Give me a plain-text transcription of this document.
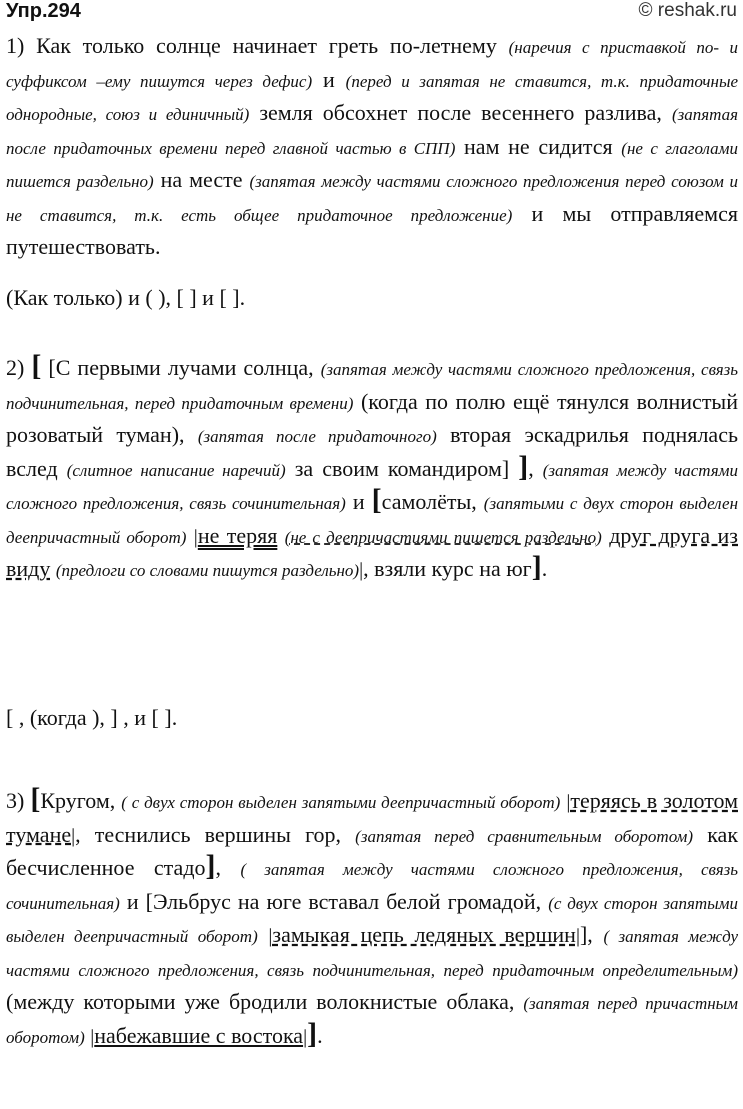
Упр.294	© reshak.ru
1) Как только солнце начинает греть по-летнему (наречия с приставкой по- и суффиксом –ему пишутся через дефис) и (перед и запятая не ставится, т.к. придаточные однородные, союз и единичный) земля обсохнет после весеннего разлива, (запятая после придаточных времени перед главной частью в СПП) нам не сидится (не с глаголами пишется раздельно) на месте (запятая между частями сложного предложения перед союзом и не ставится, т.к. есть общее придаточное предложение) и мы отправляемся путешествовать.
(Как только) и ( ), [ ] и [ ].
2) [ [С первыми лучами солнца, (запятая между частями сложного предложения, связь подчинительная, перед придаточным времени) (когда по полю ещё тянулся волнистый розоватый туман), (запятая после придаточного) вторая эскадрилья поднялась вслед (слитное написание наречий) за своим командиром] ], (запятая между частями сложного предложения, связь сочинительная) и [самолёты, (запятыми с двух сторон выделен деепричастный оборот) |не теряя (не с деепричастиями пишется раздельно) друг друга из виду (предлоги со словами пишутся раздельно)|, взяли курс на юг].
[ , (когда ), ] , и [ ].
3) [Кругом, ( с двух сторон выделен запятыми деепричастный оборот) |теряясь в золотом тумане|, теснились вершины гор, (запятая перед сравнительным оборотом) как бесчисленное стадо], ( запятая между частями сложного предложения, связь сочинительная) и [Эльбрус на юге вставал белой громадой, (с двух сторон запятыми выделен деепричастный оборот) |замыкая цепь ледяных вершин|], ( запятая между частями сложного предложения, связь подчинительная, перед придаточным определительным) (между которыми уже бродили волокнистые облака, (запятая перед причастным оборотом) |набежавшие с востока|].
